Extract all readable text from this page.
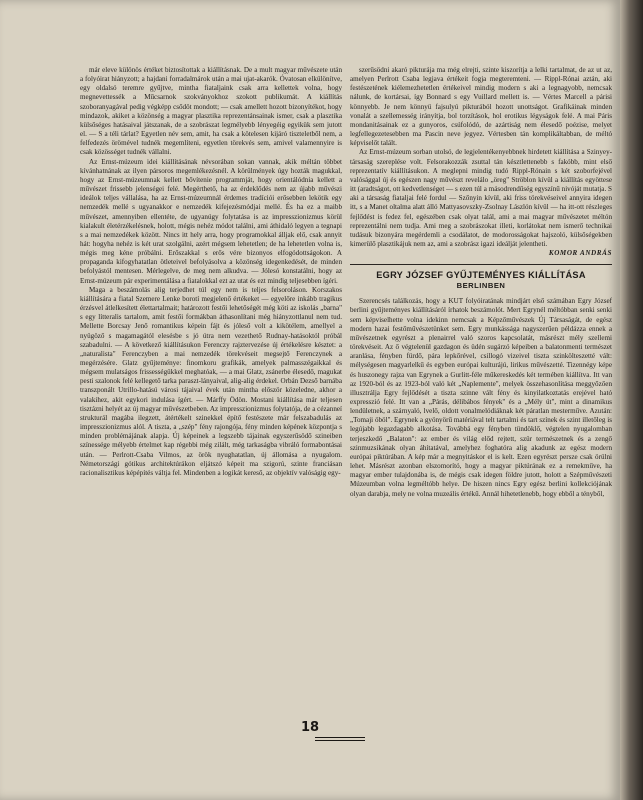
már eleve különös értéket biztosítottak a kiállításnak. De a mult magyar művészete után a folyóirat hiányzott; a hajdani forradalmárok után a mai ujat-akarók. Óvatosan elkülönítve, egy oldalsó teremre gyűjtve, mintha fiataljaink csak arra kellettek volna, hogy megnevettessék a Műcsarnok szokványokhoz szokott publikumát. A kiállítás szoboranyagával pedig végképp csődöt mondott; — csak amellett hozott bizonyítékot, hogy mindazok, akiket a közönség a magyar plasztika reprezentánsainak ismer, csak a plasztika külsőséges hatásaival játszanak, de a szobrászat legmélyebb lényegéig egyikük sem jutott el. — S a téli tárlat? Egyetlen név sem, amit, ha csak a kötelesen kijáró tiszteletből nem, a felfedezés örömével tudnék megemlíteni, egyetlen törekvés sem, amivel valamennyire is csak közösséget tudnék vállalni.

Az Ernst-múzeum idei kiállításának névsorában sokan vannak, akik méltán többet kívánhatnának az ilyen pársoros megemlékezésnél. A körülmények úgy hozták magukkal, hogy az Ernst-múzeumnak kellett bővítenie programmját, hogy orientálódnia kellett a művészet frissebb jelenségei felé. Megérthető, ha az érdeklődés nem az újabb művészi ideálok teljes vállalása, ha az Ernst-múzeumnál érdemes tradíciói erősebben lekötik egy nemzedék mellé s ugyanakkor e nemzedék kifejezésmódjai mellé. És ha ez a maibb művészet, amennyiben ellentéte, de ugyanúgy folytatása is az impresszionizmus körül kialakult életérzékelésnek, holott, mégis nehéz módot találni, ami áthidaló legyen a tegnapi s a mai nemzedékek között. Nincs itt hely arra, hogy programokkal álljak elő, csak annyit hát: hogyha nehéz is két urat szolgálni, azért mégsem lehetetlen; de ha lehetetlen volna is, mégis meg kéne próbálni. Erőszakkal s erős vére bizonyos elfogódottságokon. A propaganda kifogyhatatlan ötleteivel befolyásolva a közönség idegenkedését, de minden befolyástól mentesen. Mérlegelve, de meg nem alkudva. — Jólesó konstatálni, hogy az Ernst-múzeum pár experimentálása a fiatalokkal ezt az utat és ezt mindig teljesebben ígéri.

Maga a beszámolás alig terjedhet túl egy nem is teljes felsoroláson. Korszakos kiállítására a fiatal Szemere Lenke borotí megjelenő értékeket — egyelőre inkább tragikus érzésvel átlelkesített élettartalmait; határozott festői lehetőségét még köti az iskolás „barna" s egy lítteralis tartalom, amit festői formákban áthasonlítani még hiányzottlanul nem tud. Mellette Borcsay Jenő romantikus képein fájt és jóleső volt a kikötélem, amellyel a nyügöző s magamagától elesésbe s jó útra nem vezethető Rudnay-hatásoktól próbál szabadulni. — A következő kiállításukon Ferenczy rajztervezése új értékelésre késztet: a „naturalista" Ferenczyben a mai nemzedék törekvéseit megsejtő Ferenczynek a megérzésére. Glatz gyűjteménye: finomkoru grafikák, amelyek palmasszégaikkal és mégsem mulatságos frissességükkel meghatóak, — a mai Glatz, zsánerbe élesedő, magukat pesti szalonok felé kellegető tarka paraszt-lányaival, alig-alig érdekel. Orbán Dezső barnába transzponált Utrillo-hatású városi tájaival évek után mintha először közeledne, akhor a valakihez, akit egykori indulása ígért. — Márffy Ödön. Mostani kiállítása már teljesen tisztázni helyét az új magyar művészetbeben. Az impresszionizmus folytatója, de a cézanneí strukturál magába ilegzett, átértékelt szinekkel építő festészete már felszabadulás az impresszionizmus alól. A tiszta, a „szép" fény rajongója, fény minden képének központja s minden problémájának alapja. Új képeinek a legszebb tájainak egyszerűsödő szineiben színessége mélyebb értelmet kap régebbi még zilált, még tarkaságba vibráló formabontásai után. — Perlrott-Csaba Vilmos, az örök nyughatatlan, új állomása a nyugalom. Németországi gótikus architektúrákon eljátszó képeit ma szigorú, szinte franciásan racionalisztikus képépítés váltja fel. Mindenben a logikát kereső, az objektív valóságig egy-

szerűsödni akaró pikturája ma még elrejti, szinte kiszorítja a lelki tartalmat, de az ut az, amelyen Perlrott Csaba legjava értékeit fogja megteremteni. — Rippl-Rónai aztán, aki festészetének kiélemezhetetlen értékeivel mindig modern s aki a legnagyobb, nemcsak nálunk, de kortársai, így Bonnard s egy Vuillard mellett is. — Vértes Marcell a párisi könnyebb. Je nem könnyü fajsulyú pikturából hozott unottságot. Grafikáinak minden vonalát a szellemesség irányítja, bol torzítások, hol erotikus légyságok felé. A mai Páris mondanitásainak ez a gunyoros, csúfolódó, de azártiság nem élesedő poézise, melyet legfellegezetesebben ma Pascin neve jegyez. Vértesben tán komplikáltabban, de méltó képviselőt talált.

Az Ernst-múzeum sorban utolsó, de legjelentékenyebbnek hirdetett kiállítása a Szinyey-társaság szereplése volt. Felsorakozzák zsuttal tán késztlettenebb s fakóbb, mint első reprezentatív kiállításukon. A meglepni mindig tudó Rippl-Rónain s két szoborfejével valósággal új és egészen nagy művészt revelálo „öreg" Ströblon kívül a kiállítás egyöttese itt (aradtságot, ott kedvetlenséget — s ezen túl a másodrendűség egyszínű nivóját mutatja. S aki a társaság fiataljai felé fordul — Szőnyin kívül, aki friss törekvéseivel annyira idegen itt, s a Manet oltalma alatt álló Mattyasovszky-Zsolnay Lászlón kívül — ha itt-ott részleges fejlődést is fedez fel, egészében csak olyat talál, ami a mai magyar művészetet méltón reprezentálni nem tudja. Ami meg a szobrászokat illeti, korlátokat nem ismerő technikai tudásuk bizonyára megérdemli a csodálatot, de modorosságokat hajszoló, külsőségekben kimerülő plasztikájuk nem az, ami a szobrász igazi ideálját jelentheti.

KOMOR ANDRÁS
EGRY JÓZSEF GYŰJTEMÉNYES KIÁLLÍTÁSA
BERLINBEN

Szerencsés találkozás, hogy a KUT folyóiratának mindjárt első számában Egry József berlini gyűjteményes kiállításáról írhatok beszámolót. Mert Egrynél méltóbban senki senki sem képviselhette volna idekinn nemcsak a Képzőművészek Új Társaságát, de egész modern hazai festőművészetünket sem. Egry munkássága nagyszerűen példázza ennek a művészetnek egyrészt a plenairrel való szoros kapcsolatát, másrészt mély szellemi törekvéseit. Az ő végtelenül gazdagon és üdén sugárzó képeiben a balatonmenti természet aranlása, fényben fürdő, pára lepkőrével, csillogó vizeivel tiszta szinkölteszetté vált: mélységesen magyarlelkű és egyben európai kulturájú, lirikus művészetté. Tizennégy képe és huszonegy rajza van Egrynek a Gurlitt-féle műkereskedés két termében kiállítva. Itt van az 1920-ból és az 1923-ból való két „Naplemente", melyek összehasonlítása meggyőzően illusztrálja Egry fejlődését a tiszta szinne vált fény és kinyilatkoztatás erejével ható expresszió felé. Itt van a „Párás, délibábos fények" és a „Mély út", mint a dinamikus lendületnek, a szárnyaló, lvelő, oldott vonalmelódiáknak két páratlan mesterműve. Azután: „Tomaji öböl". Egrynek a gyönyörű matériával telt tartalmi és tart színek és szint illetőleg is legújabb legazdagabb alkotása. Továbbá egy fényben tündöklő, végtelen nyugalomban terjeszkedő „Balaton": az ember és világ előd rejtett, szür természetnek és a zengő szinmuzsikának olyan áhítatával, amelyhez foghatóra alig akadunk az egész modern európai piktúrában. A kép már a megnyitáskor el is kelt. Ezen egyrészt persze csak örülni lehet. Másrészt azonban elszomorító, hogy a magyar piktúrának ez a remekműve, ha magyar ember tulajdonába is, de mégis csak idegen földre jutott, holott a Szépművészeti Múzeumban volna legméltóbb helye. De hiszen nincs Egry egész berlini kollekciójának olyan darabja, mely ne volna muzeális értékű. Annál hihetetlenebb, hogy ebből a tényből,

18
